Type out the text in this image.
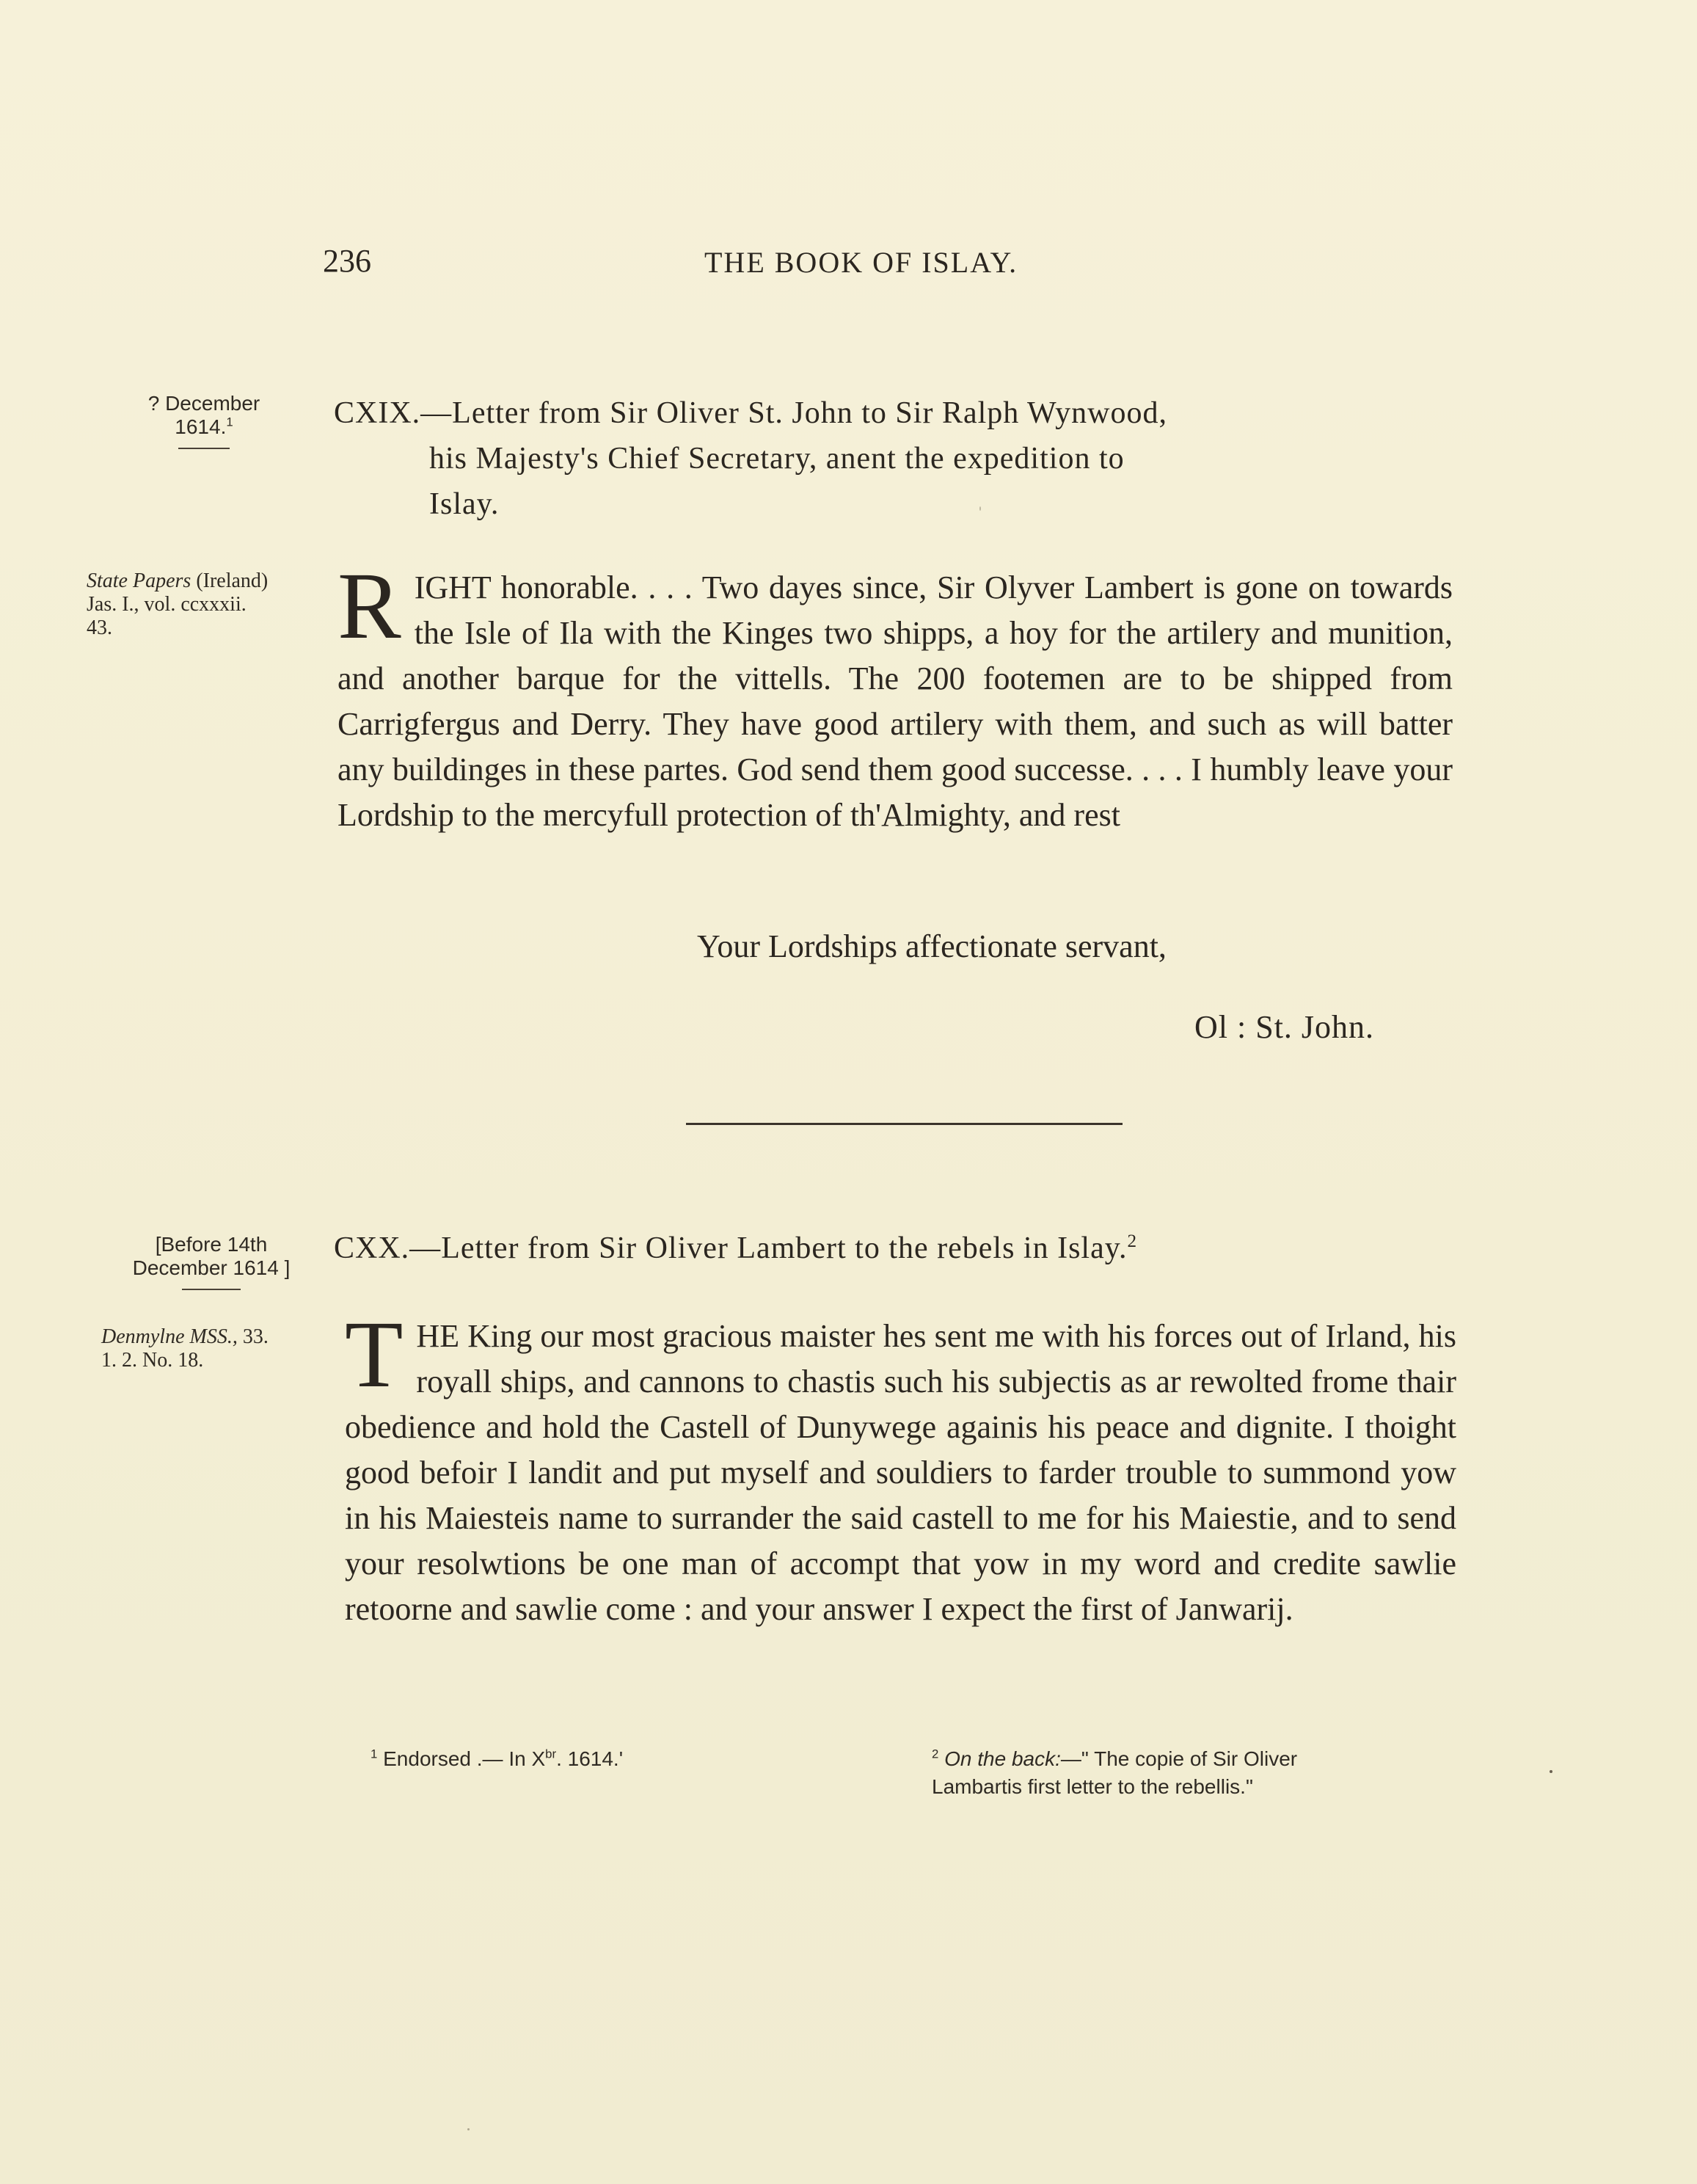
236	THE BOOK OF ISLAY.
? December
1614.$^1$
State Papers (Ireland)
Jas. I., vol. ccxxxii.
43.
CXIX.—Letter from Sir Oliver St. John to Sir Ralph Wynwood,
his Majesty's Chief Secretary, anent the expedition to
Islay.
RIGHT honorable. . . . Two dayes since, Sir Olyver Lambert is gone on towards the Isle of Ila with the Kinges two shipps, a hoy for the artilery and munition, and another barque for the vittells. The 200 footemen are to be shipped from Carrigfergus and Derry. They have good artilery with them, and such as will batter any buildinges in these partes. God send them good successe. . . . I humbly leave your Lordship to the mercyfull protection of th'Almighty, and rest
Your Lordships affectionate servant,
Ol : St. John.
[Before 14th
December 1614 ]
Denmylne MSS., 33.
1. 2. No. 18.
CXX.—Letter from Sir Oliver Lambert to the rebels in Islay.$^2$
THE King our most gracious maister hes sent me with his forces out of Irland, his royall ships, and cannons to chastis such his subjectis as ar rewolted frome thair obedience and hold the Castell of Dunywege againis his peace and dignite. I thoight good befoir I landit and put myself and souldiers to farder trouble to summond yow in his Maiesteis name to surrander the said castell to me for his Maiestie, and to send your resolwtions be one man of accompt that yow in my word and credite sawlie retoorne and sawlie come : and your answer I expect the first of Janwarij.
$^1$ Endorsed .— In $X^{br}$. 1614.'	$^2$ On the back:—" The copie of Sir Oliver
Lambartis first letter to the rebellis."
